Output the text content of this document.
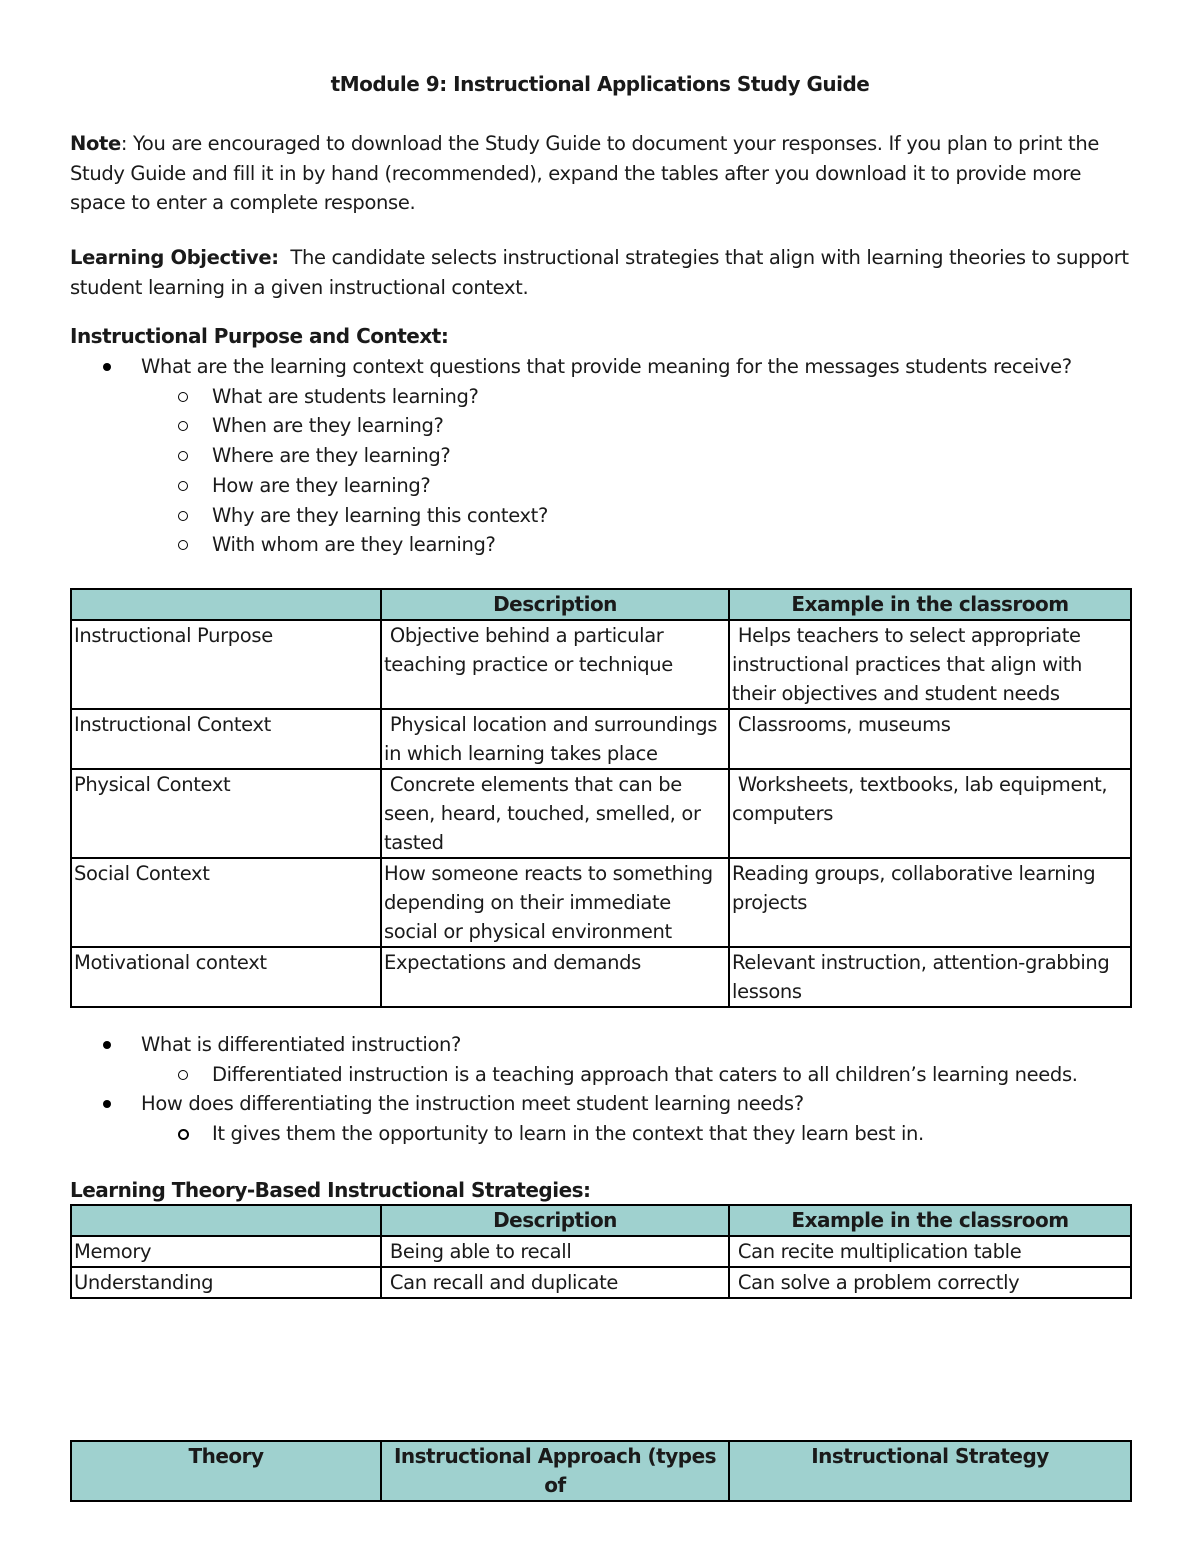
tModule 9: Instructional Applications Study Guide
Note: You are encouraged to download the Study Guide to document your responses. If you plan to print the Study Guide and fill it in by hand (recommended), expand the tables after you download it to provide more space to enter a complete response.
Learning Objective:  The candidate selects instructional strategies that align with learning theories to support student learning in a given instructional context.
Instructional Purpose and Context:
What are the learning context questions that provide meaning for the messages students receive?
What are students learning?
When are they learning?
Where are they learning?
How are they learning?
Why are they learning this context?
With whom are they learning?
	Description	Example in the classroom
Instructional Purpose	Objective behind a particular teaching practice or technique	Helps teachers to select appropriate instructional practices that align with their objectives and student needs
Instructional Context	Physical location and surroundings in which learning takes place	Classrooms, museums
Physical Context	Concrete elements that can be seen, heard, touched, smelled, or tasted	Worksheets, textbooks, lab equipment, computers
Social Context	How someone reacts to something depending on their immediate social or physical environment	Reading groups, collaborative learning projects
Motivational context	Expectations and demands	Relevant instruction, attention-grabbing lessons
What is differentiated instruction?
Differentiated instruction is a teaching approach that caters to all children’s learning needs.
How does differentiating the instruction meet student learning needs?
It gives them the opportunity to learn in the context that they learn best in.
Learning Theory-Based Instructional Strategies:
	Description	Example in the classroom
Memory	Being able to recall	Can recite multiplication table
Understanding	Can recall and duplicate	Can solve a problem correctly
Theory	Instructional Approach (types of	Instructional Strategy
